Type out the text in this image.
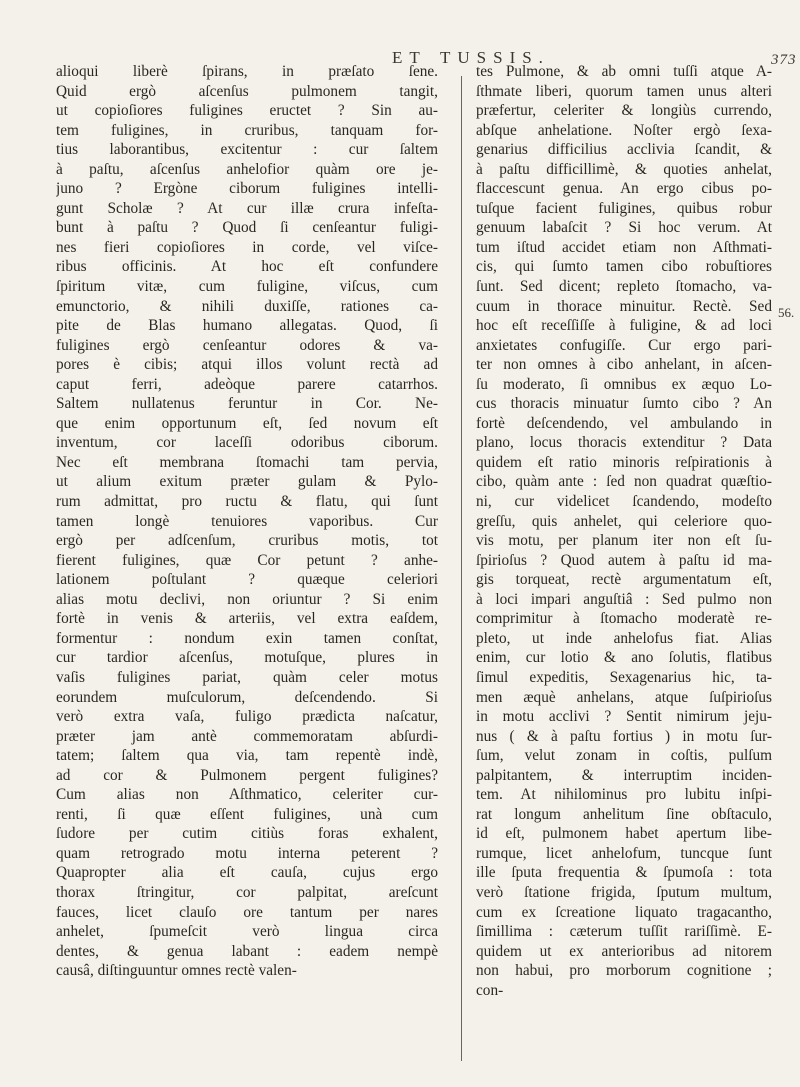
ET TUSSIS.	373
alioqui liberè ſpirans, in præſato ſene.
Quid ergò aſcenſus pulmonem tangit,
ut copioſiores fuligines eructet ? Sin au-
tem fuligines, in cruribus, tanquam for-
tius laborantibus, excitentur : cur ſaltem
à paſtu, aſcenſus anhelofior quàm ore je-
juno ? Ergòne ciborum fuligines intelli-
gunt Scholæ ? At cur illæ crura infeſta-
bunt à paſtu ? Quod ſi cenſeantur fuligi-
nes fieri copioſiores in corde, vel viſce-
ribus officinis. At hoc eſt confundere
ſpiritum vitæ, cum fuligine, viſcus, cum
emunctorio, & nihili duxiſſe, rationes ca-
pite de Blas humano allegatas. Quod, ſi
fuligines ergò cenſeantur odores & va-
pores è cibis; atqui illos volunt rectà ad
caput ferri, adeòque parere catarrhos.
Saltem nullatenus feruntur in Cor. Ne-
que enim opportunum eſt, ſed novum eſt
inventum, cor laceſſi odoribus ciborum.
Nec eſt membrana ſtomachi tam pervia,
ut alium exitum præter gulam & Pylo-
rum admittat, pro ructu & flatu, qui ſunt
tamen longè tenuiores vaporibus. Cur
ergò per adſcenſum, cruribus motis, tot
fierent fuligines, quæ Cor petunt ? anhe-
lationem poſtulant ? quæque celeriori
alias motu declivi, non oriuntur ? Si enim
fortè in venis & arteriis, vel extra eaſdem,
formentur : nondum exin tamen conſtat,
cur tardior aſcenſus, motuſque, plures in
vaſis fuligines pariat, quàm celer motus
eorundem muſculorum, deſcendendo. Si
verò extra vaſa, fuligo prædicta naſcatur,
præter jam antè commemoratam abſurdi-
tatem; ſaltem qua via, tam repentè indè,
ad cor & Pulmonem pergent fuligines?
Cum alias non Aſthmatico, celeriter cur-
renti, ſi quæ eſſent fuligines, unà cum
ſudore per cutim citiùs foras exhalent,
quam retrogrado motu interna peterent ?
Quapropter alia eſt cauſa, cujus ergo
thorax ſtringitur, cor palpitat, areſcunt
fauces, licet clauſo ore tantum per nares
anhelet, ſpumeſcit verò lingua circa
dentes, & genua labant : eadem nempè
causâ, diſtinguuntur omnes rectè valen-
tes Pulmone, & ab omni tuſſi atque A-
ſthmate liberi, quorum tamen unus alteri
præfertur, celeriter & longiùs currendo,
abſque anhelatione. Noſter ergò ſexa-
genarius difficilius acclivia ſcandit, &
à paſtu difficillimè, & quoties anhelat,
flaccescunt genua. An ergo cibus po-
tuſque facient fuligines, quibus robur
genuum labaſcit ? Si hoc verum. At
tum iſtud accidet etiam non Aſthmati-
cis, qui ſumto tamen cibo robuſtiores
ſunt. Sed dicent; repleto ſtomacho, va-
cuum in thorace minuitur. Rectè. Sed
hoc eſt receſſiſſe à fuligine, & ad loci
anxietates confugiſſe. Cur ergo pari-
ter non omnes à cibo anhelant, in aſcen-
ſu moderato, ſi omnibus ex æquo Lo-
cus thoracis minuatur ſumto cibo ? An
fortè deſcendendo, vel ambulando in
plano, locus thoracis extenditur ? Data
quidem eſt ratio minoris reſpirationis à
cibo, quàm ante : ſed non quadrat quæſtio-
ni, cur videlicet ſcandendo, modeſto
greſſu, quis anhelet, qui celeriore quo-
vis motu, per planum iter non eſt ſu-
ſpirioſus ? Quod autem à paſtu id ma-
gis torqueat, rectè argumentatum eſt,
à loci impari anguſtiâ : Sed pulmo non
comprimitur à ſtomacho moderatè re-
pleto, ut inde anhelofus fiat. Alias
enim, cur lotio & ano ſolutis, flatibus
ſimul expeditis, Sexagenarius hic, ta-
men æquè anhelans, atque ſuſpirioſus
in motu acclivi ? Sentit nimirum jeju-
nus ( & à paſtu fortius ) in motu ſur-
ſum, velut zonam in coſtis, pulſum
palpitantem, & interruptim inciden-
tem. At nihilominus pro lubitu inſpi-
rat longum anhelitum ſine obſtaculo,
id eſt, pulmonem habet apertum libe-
rumque, licet anhelofum, tuncque ſunt
ille ſputa frequentia & ſpumoſa : tota
verò ſtatione frigida, ſputum multum,
cum ex ſcreatione liquato tragacantho,
ſimillima : cæterum tuſſit rariſſimè. E-
quidem ut ex anterioribus ad nitorem
non habui, pro morborum cognitione ;
con-
56.
